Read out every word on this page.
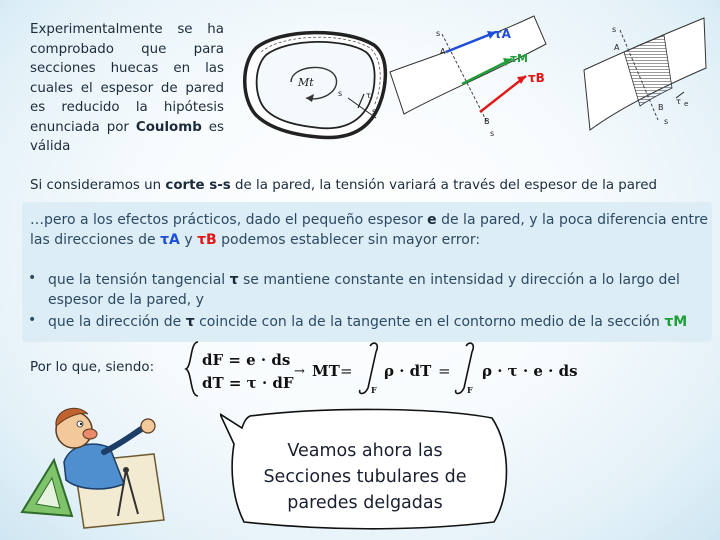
Experimentalmente se ha comprobado que para secciones huecas en las cuales el espesor de pared es reducido la hipótesis enunciada por Coulomb es válida
Mt
s
s
τ
s
A
B
s
τA
τM
τB
s
A
B
s
τ e
Si consideramos un corte s-s de la pared, la tensión variará a través del espesor de la pared
…pero a los efectos prácticos, dado el pequeño espesor e de la pared, y la poca diferencia entre las direcciones de τA y τB podemos establecer sin mayor error:
• que la tensión tangencial τ se mantiene constante en intensidad y dirección a lo largo del espesor de la pared, y
• que la dirección de τ coincide con la de la tangente en el contorno medio de la sección τM
Por lo que, siendo:	dF = e · ds
dT = τ · dF
→ MT =
F
ρ · dT =
F
ρ · τ · e · ds
Veamos ahora las
Secciones tubulares de
paredes delgadas
